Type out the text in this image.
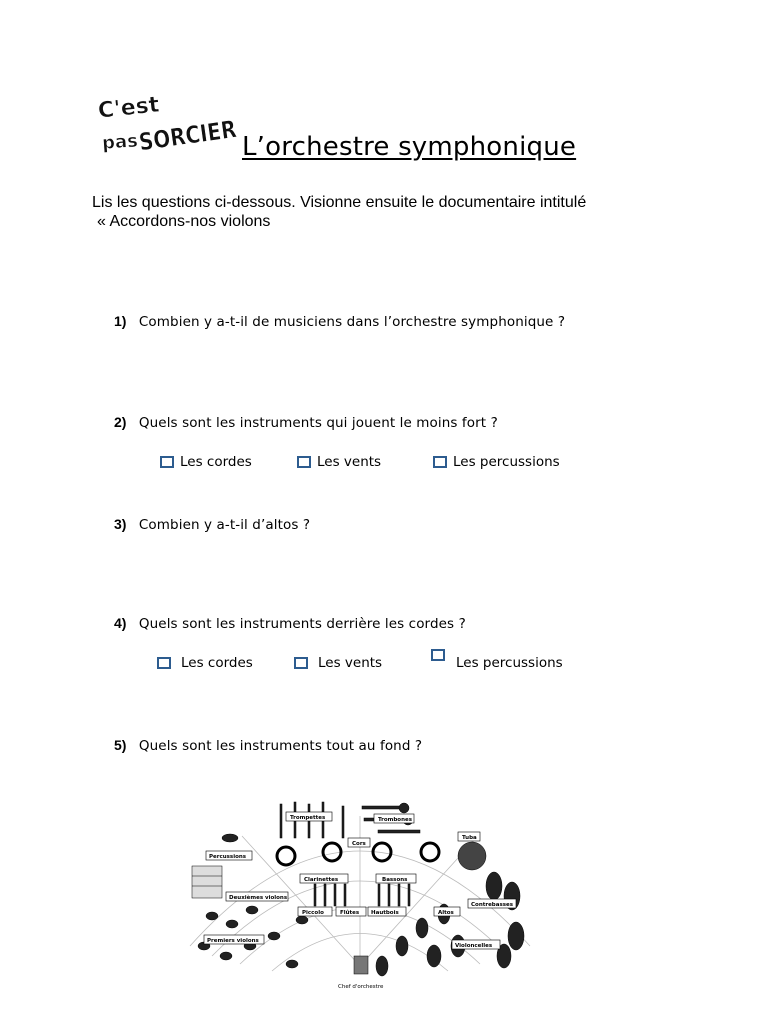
C'est
pas
SORCIER
L’orchestre symphonique
Lis les questions ci-dessous. Visionne ensuite le documentaire intitulé
« Accordons-nos violons
1) Combien y a-t-il de musiciens dans l’orchestre symphonique ?
2) Quels sont les instruments qui jouent le moins fort ?
Les cordes	Les vents	Les percussions
3) Combien y a-t-il d’altos ?
4) Quels sont les instruments derrière les cordes ?
Les cordes	Les vents	Les percussions
5) Quels sont les instruments tout au fond ?
Trompettes	Trombones
Tuba
Percussions
Cors
Clarinettes	Bassons
Deuxièmes violons
Piccolo	Flûtes Hautbois	Altos
Contrebasses
Premiers violons
Violoncelles
Chef d'orchestre
